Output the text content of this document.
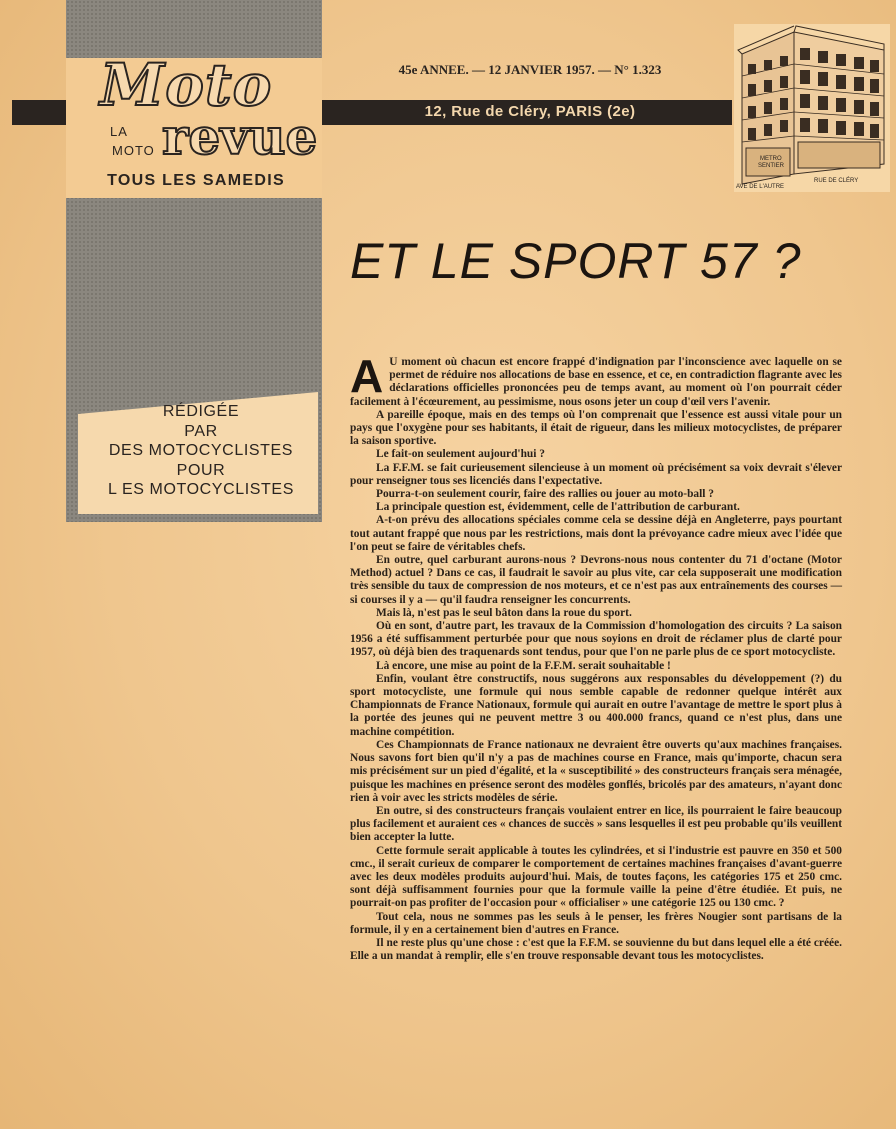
Moto
LA
MOTO revue
TOUS LES SAMEDIS
RÉDIGÉE
PAR
DES MOTOCYCLISTES
POUR
L ES MOTOCYCLISTES
45e ANNEE. — 12 JANVIER 1957. — N° 1.323
12, Rue de Cléry, PARIS (2e)
METRO
SENTIER
AVE DE L'AUTRE
RUE DE CLÉRY
ET LE SPORT 57 ?

A U moment où chacun est encore frappé d'indignation par l'inconscience avec laquelle on se permet de réduire nos allocations de base en essence, et ce, en contradiction flagrante avec les déclarations officielles prononcées peu de temps avant, au moment où l'on pourrait céder facilement à l'écœurement, au pessimisme, nous osons jeter un coup d'œil vers l'avenir.

A pareille époque, mais en des temps où l'on comprenait que l'essence est aussi vitale pour un pays que l'oxygène pour ses habitants, il était de rigueur, dans les milieux motocyclistes, de préparer la saison sportive.

Le fait-on seulement aujourd'hui ?

La F.F.M. se fait curieusement silencieuse à un moment où précisément sa voix devrait s'élever pour renseigner tous ses licenciés dans l'expectative.

Pourra-t-on seulement courir, faire des rallies ou jouer au moto-ball ?

La principale question est, évidemment, celle de l'attribution de carburant.

A-t-on prévu des allocations spéciales comme cela se dessine déjà en Angleterre, pays pourtant tout autant frappé que nous par les restrictions, mais dont la prévoyance cadre mieux avec l'idée que l'on peut se faire de véritables chefs.

En outre, quel carburant aurons-nous ? Devrons-nous nous contenter du 71 d'octane (Motor Method) actuel ? Dans ce cas, il faudrait le savoir au plus vite, car cela supposerait une modification très sensible du taux de compression de nos moteurs, et ce n'est pas aux entraînements des courses — si courses il y a — qu'il faudra renseigner les concurrents.

Mais là, n'est pas le seul bâton dans la roue du sport.

Où en sont, d'autre part, les travaux de la Commission d'homologation des circuits ? La saison 1956 a été suffisamment perturbée pour que nous soyions en droit de réclamer plus de clarté pour 1957, où déjà bien des traquenards sont tendus, pour que l'on ne parle plus de ce sport motocycliste.

Là encore, une mise au point de la F.F.M. serait souhaitable !

Enfin, voulant être constructifs, nous suggérons aux responsables du développement (?) du sport motocycliste, une formule qui nous semble capable de redonner quelque intérêt aux Championnats de France Nationaux, formule qui aurait en outre l'avantage de mettre le sport plus à la portée des jeunes qui ne peuvent mettre 3 ou 400.000 francs, quand ce n'est plus, dans une machine compétition.

Ces Championnats de France nationaux ne devraient être ouverts qu'aux machines françaises. Nous savons fort bien qu'il n'y a pas de machines course en France, mais qu'importe, chacun sera mis précisément sur un pied d'égalité, et la « susceptibilité » des constructeurs français sera ménagée, puisque les machines en présence seront des modèles gonflés, bricolés par des amateurs, n'ayant donc rien à voir avec les stricts modèles de série.

En outre, si des constructeurs français voulaient entrer en lice, ils pourraient le faire beaucoup plus facilement et auraient ces « chances de succès » sans lesquelles il est peu probable qu'ils veuillent bien accepter la lutte.

Cette formule serait applicable à toutes les cylindrées, et si l'industrie est pauvre en 350 et 500 cmc., il serait curieux de comparer le comportement de certaines machines françaises d'avant-guerre avec les deux modèles produits aujourd'hui. Mais, de toutes façons, les catégories 175 et 250 cmc. sont déjà suffisamment fournies pour que la formule vaille la peine d'être étudiée. Et puis, ne pourrait-on pas profiter de l'occasion pour « officialiser » une catégorie 125 ou 130 cmc. ?

Tout cela, nous ne sommes pas les seuls à le penser, les frères Nougier sont partisans de la formule, il y en a certainement bien d'autres en France.

Il ne reste plus qu'une chose : c'est que la F.F.M. se souvienne du but dans lequel elle a été créée. Elle a un mandat à remplir, elle s'en trouve responsable devant tous les motocyclistes.
